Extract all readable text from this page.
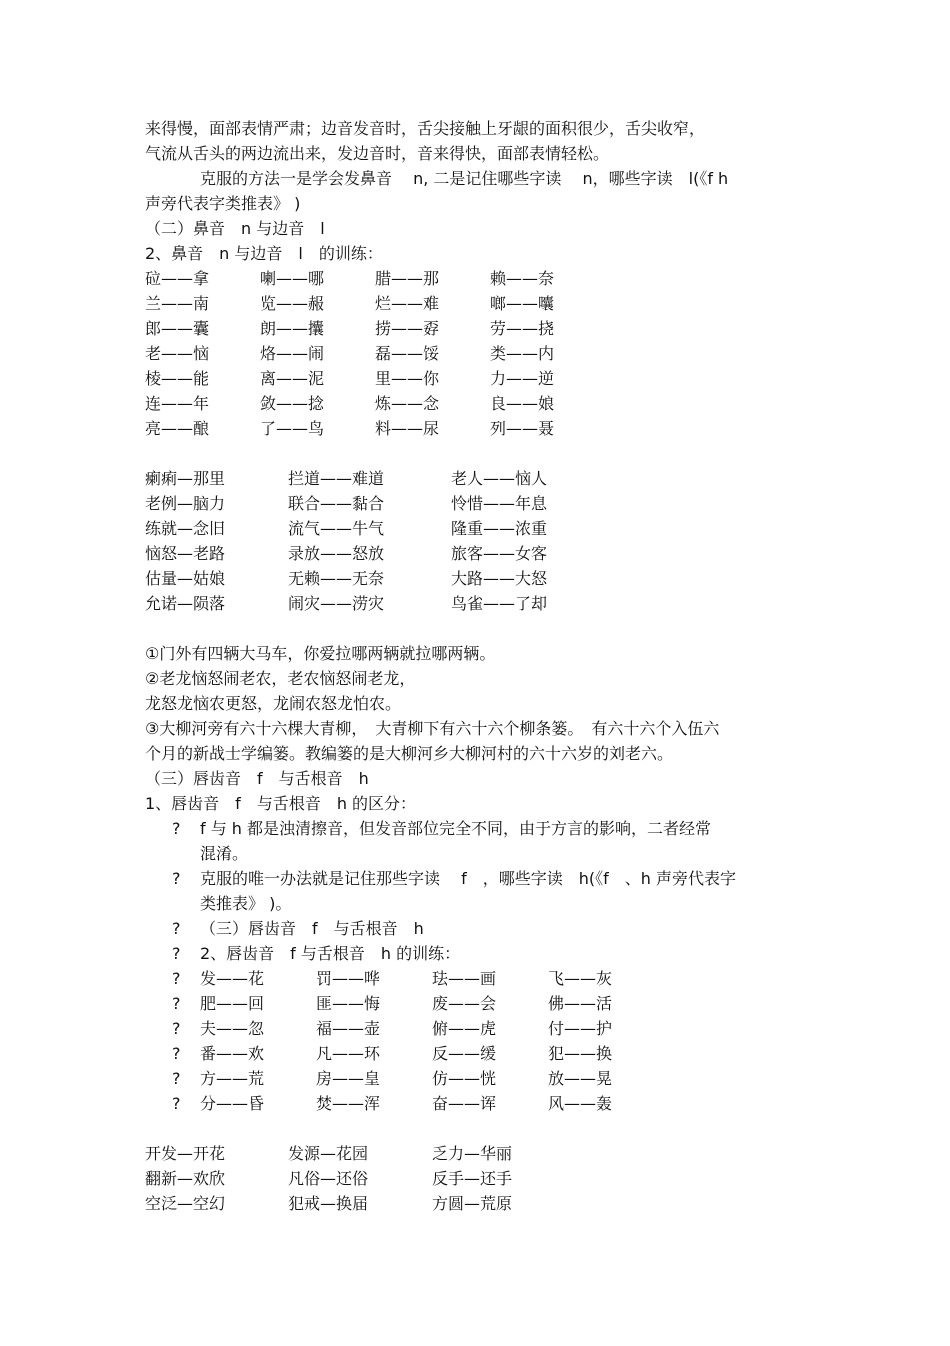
来得慢，面部表情严肃；边音发音时，舌尖接触上牙龈的面积很少，舌尖收窄，
气流从舌头的两边流出来，发边音时，音来得快，面部表情轻松。
克服的方法一是学会发鼻音　 n, 二是记住哪些字读　 n，哪些字读　l(《f h
声旁代表字类推表》 )
（二）鼻音　n 与边音　l
2、鼻音　n 与边音　l　的训练：
砬——拿	喇——哪	腊——那	赖——奈
兰——南	览——赧	烂——难	啷——囔
郎——囊	朗——攮	捞——孬	劳——挠
老——恼	烙——闹	磊——馁	类——内
棱——能	离——泥	里——你	力——逆
连——年	敛——捻	炼——念	良——娘
亮——酿	了——鸟	料——尿	列——聂
瘌痢—那里	拦道——难道	老人——恼人
老例—脑力	联合——黏合	怜惜——年息
练就—念旧	流气——牛气	隆重——浓重
恼怒—老路	录放——怒放	旅客——女客
估量—姑娘	无赖——无奈	大路——大怒
允诺—陨落	闹灾——涝灾	鸟雀——了却
①门外有四辆大马车，你爱拉哪两辆就拉哪两辆。
②老龙恼怒闹老农，老农恼怒闹老龙，
龙怒龙恼农更怒，龙闹农怒龙怕农。
③大柳河旁有六十六棵大青柳，　大青柳下有六十六个柳条篓。　有六十六个入伍六
个月的新战士学编篓。教编篓的是大柳河乡大柳河村的六十六岁的刘老六。
（三）唇齿音　f　与舌根音　h
1、唇齿音　f　与舌根音　h 的区分：
? f 与 h 都是浊清擦音，但发音部位完全不同，由于方言的影响，二者经常
混淆。
? 克服的唯一办法就是记住那些字读　 f　，哪些字读　h(《f　、h 声旁代表字
类推表》 )。
? （三）唇齿音　f　与舌根音　h
? 2、唇齿音　f 与舌根音　h 的训练：
? 发——花	罚——哗	珐——画	飞——灰
? 肥——回	匪——悔	废——会	佛——活
? 夫——忽	福——壶	俯——虎	付——护
? 番——欢	凡——环	反——缓	犯——换
? 方——荒	房——皇	仿——恍	放——晃
? 分——昏	焚——浑	奋——诨	风——轰
开发—开花	发源—花园	乏力—华丽
翻新—欢欣	凡俗—还俗	反手—还手
空泛—空幻	犯戒—换届	方圆—荒原
